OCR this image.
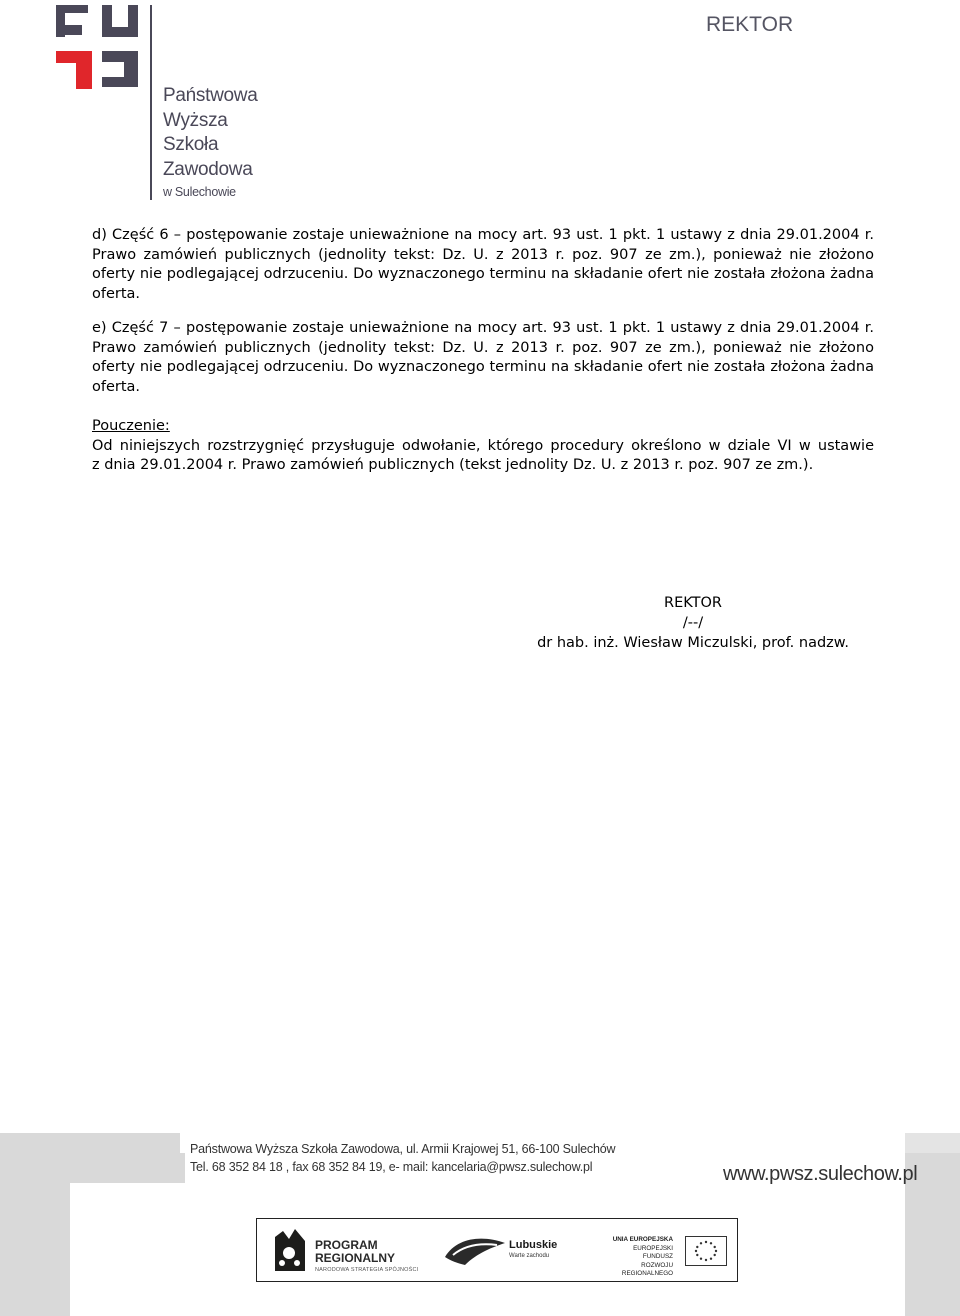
Państwowa
Wyższa
Szkoła
Zawodowa
w Sulechowie
REKTOR
d) Część 6 – postępowanie zostaje unieważnione na mocy art. 93 ust. 1 pkt. 1 ustawy z dnia 29.01.2004 r.
Prawo zamówień publicznych (jednolity tekst: Dz. U. z 2013 r. poz. 907 ze zm.), ponieważ nie złożono
oferty nie podlegającej odrzuceniu. Do wyznaczonego terminu na składanie ofert nie została złożona żadna
oferta.
e) Część 7 – postępowanie zostaje unieważnione na mocy art. 93 ust. 1 pkt. 1 ustawy z dnia 29.01.2004 r.
Prawo zamówień publicznych (jednolity tekst: Dz. U. z 2013 r. poz. 907 ze zm.), ponieważ nie złożono
oferty nie podlegającej odrzuceniu. Do wyznaczonego terminu na składanie ofert nie została złożona żadna
oferta.
Pouczenie:
Od niniejszych rozstrzygnięć przysługuje odwołanie, którego procedury określono w dziale VI w ustawie
z dnia 29.01.2004 r. Prawo zamówień publicznych (tekst jednolity Dz. U. z 2013 r. poz. 907 ze zm.).
REKTOR
/--/
dr hab. inż. Wiesław Miczulski, prof. nadzw.
Państwowa Wyższa Szkoła Zawodowa, ul. Armii Krajowej 51, 66-100 Sulechów
Tel. 68 352 84 18 , fax 68 352 84 19, e- mail: kancelaria@pwsz.sulechow.pl	www.pwsz.sulechow.pl
PROGRAM
REGIONALNY
NARODOWA STRATEGIA SPÓJNOŚCI
Lubuskie
Warte zachodu
UNIA EUROPEJSKA
EUROPEJSKI FUNDUSZ
ROZWOJU REGIONALNEGO
